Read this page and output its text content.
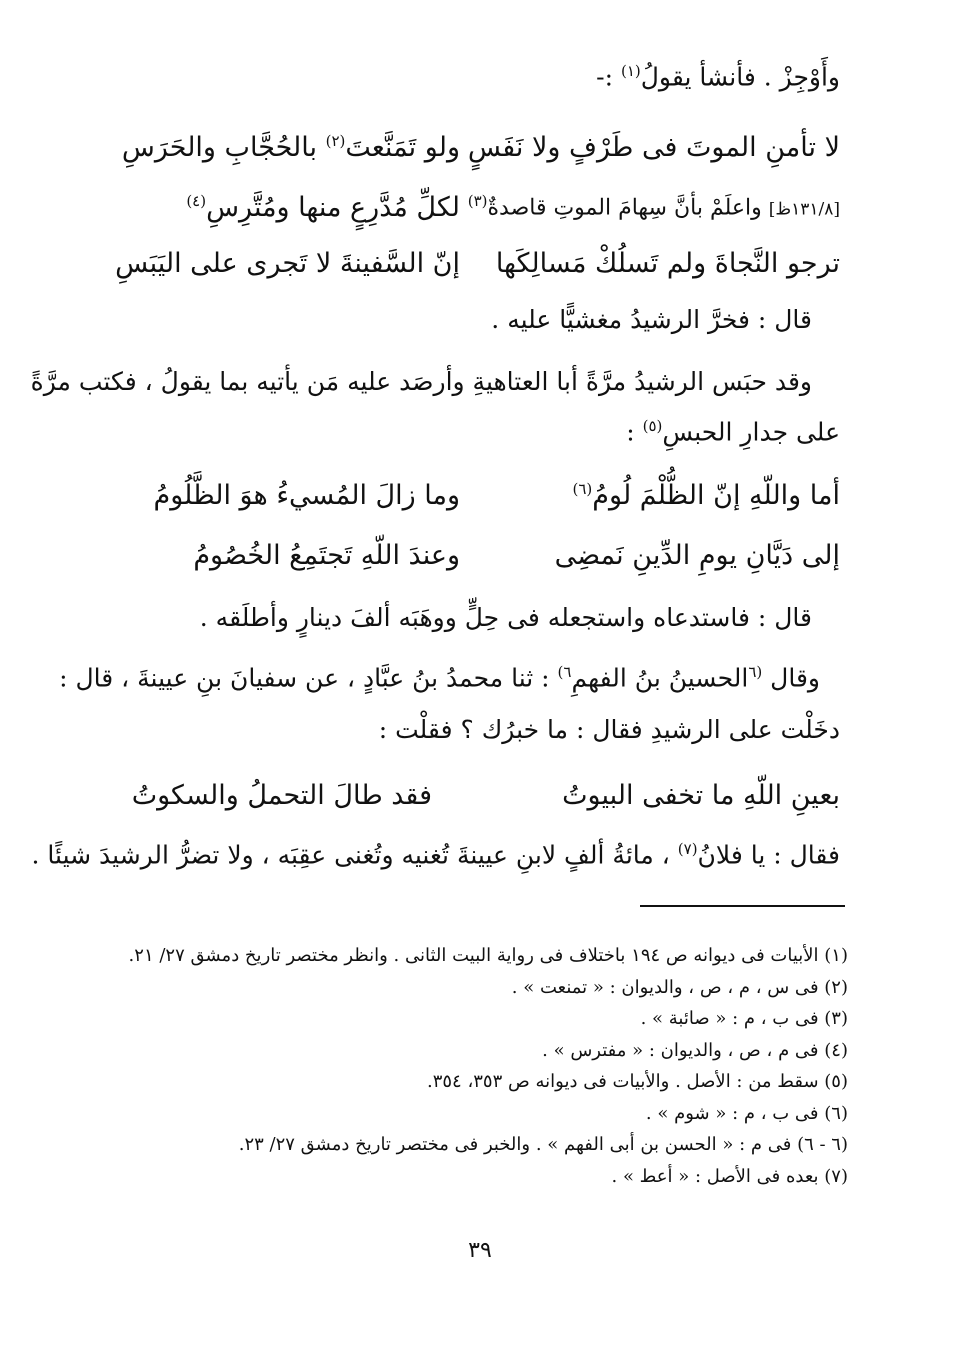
وأَوْجِزْ . فأنشأ يقولُ$^{(١)}$ :-
لا تأمنِ الموتَ فى طَرْفٍ ولا نَفَسٍ
ولو تَمَنَّعتَ$^{(٢)}$ بالحُجَّابِ والحَرَسِ
[١٣١/٨ظ] واعلَمْ بأنَّ سِهامَ الموتِ قاصدةٌ$^{(٣)}$
لكلِّ مُدَّرِعٍ منها ومُتَّرِسِ$^{(٤)}$
ترجو النَّجاةَ ولم تَسلُكْ مَسالِكَها
إنّ السَّفينةَ لا تَجرى على اليَبَسِ
قال : فخرَّ الرشيدُ مغشيًّا عليه .
وقد حبَس الرشيدُ مرَّةً أبا العتاهيةِ وأرصَد عليه مَن يأتيه بما يقولُ ، فكتب مرَّةً
على جدارِ الحبسِ$^{(٥)}$ :
أما واللّهِ إنّ الظُّلْمَ لُومُ$^{(٦)}$
وما زالَ المُسيءُ هوَ الظَّلُومُ
إلى دَيَّانِ يومِ الدِّينِ نَمضِى
وعندَ اللّهِ تَجتَمِعُ الخُصُومُ
قال : فاستدعاه واستجعله فى حِلٍّ ووهَبَه ألفَ دينارٍ وأطلَقه .
وقال $^{(٦}$الحسينُ بنُ الفهمِ$^{٦)}$ : ثنا محمدُ بنُ عبَّادٍ ، عن سفيانَ بنِ عيينةَ ، قال :
دخَلْت على الرشيدِ فقال : ما خبرُك ؟ فقلْت :
بعينِ اللّهِ ما تخفى البيوتُ
فقد طالَ التحملُ والسكوتُ
فقال : يا فلانُ$^{(٧)}$ ، مائةُ ألفٍ لابنِ عيينةَ تُغنيه وتُغنى عقِبَه ، ولا تضرُّ الرشيدَ شيئًا .
(١) الأبيات فى ديوانه ص ١٩٤ باختلاف فى رواية البيت الثانى . وانظر مختصر تاريخ دمشق ٢٧/ ٢١.
(٢) فى س ، م ، ص ، والديوان : « تمنعت » .
(٣) فى ب ، م : « صائبة » .
(٤) فى م ، ص ، والديوان : « مفترس » .
(٥) سقط من : الأصل . والأبيات فى ديوانه ص ٣٥٣، ٣٥٤.
(٦) فى ب ، م : « شوم » .
(٦ - ٦) فى م : « الحسن بن أبى الفهم » . والخبر فى مختصر تاريخ دمشق ٢٧/ ٢٣.
(٧) بعده فى الأصل : « أعط » .
٣٩
